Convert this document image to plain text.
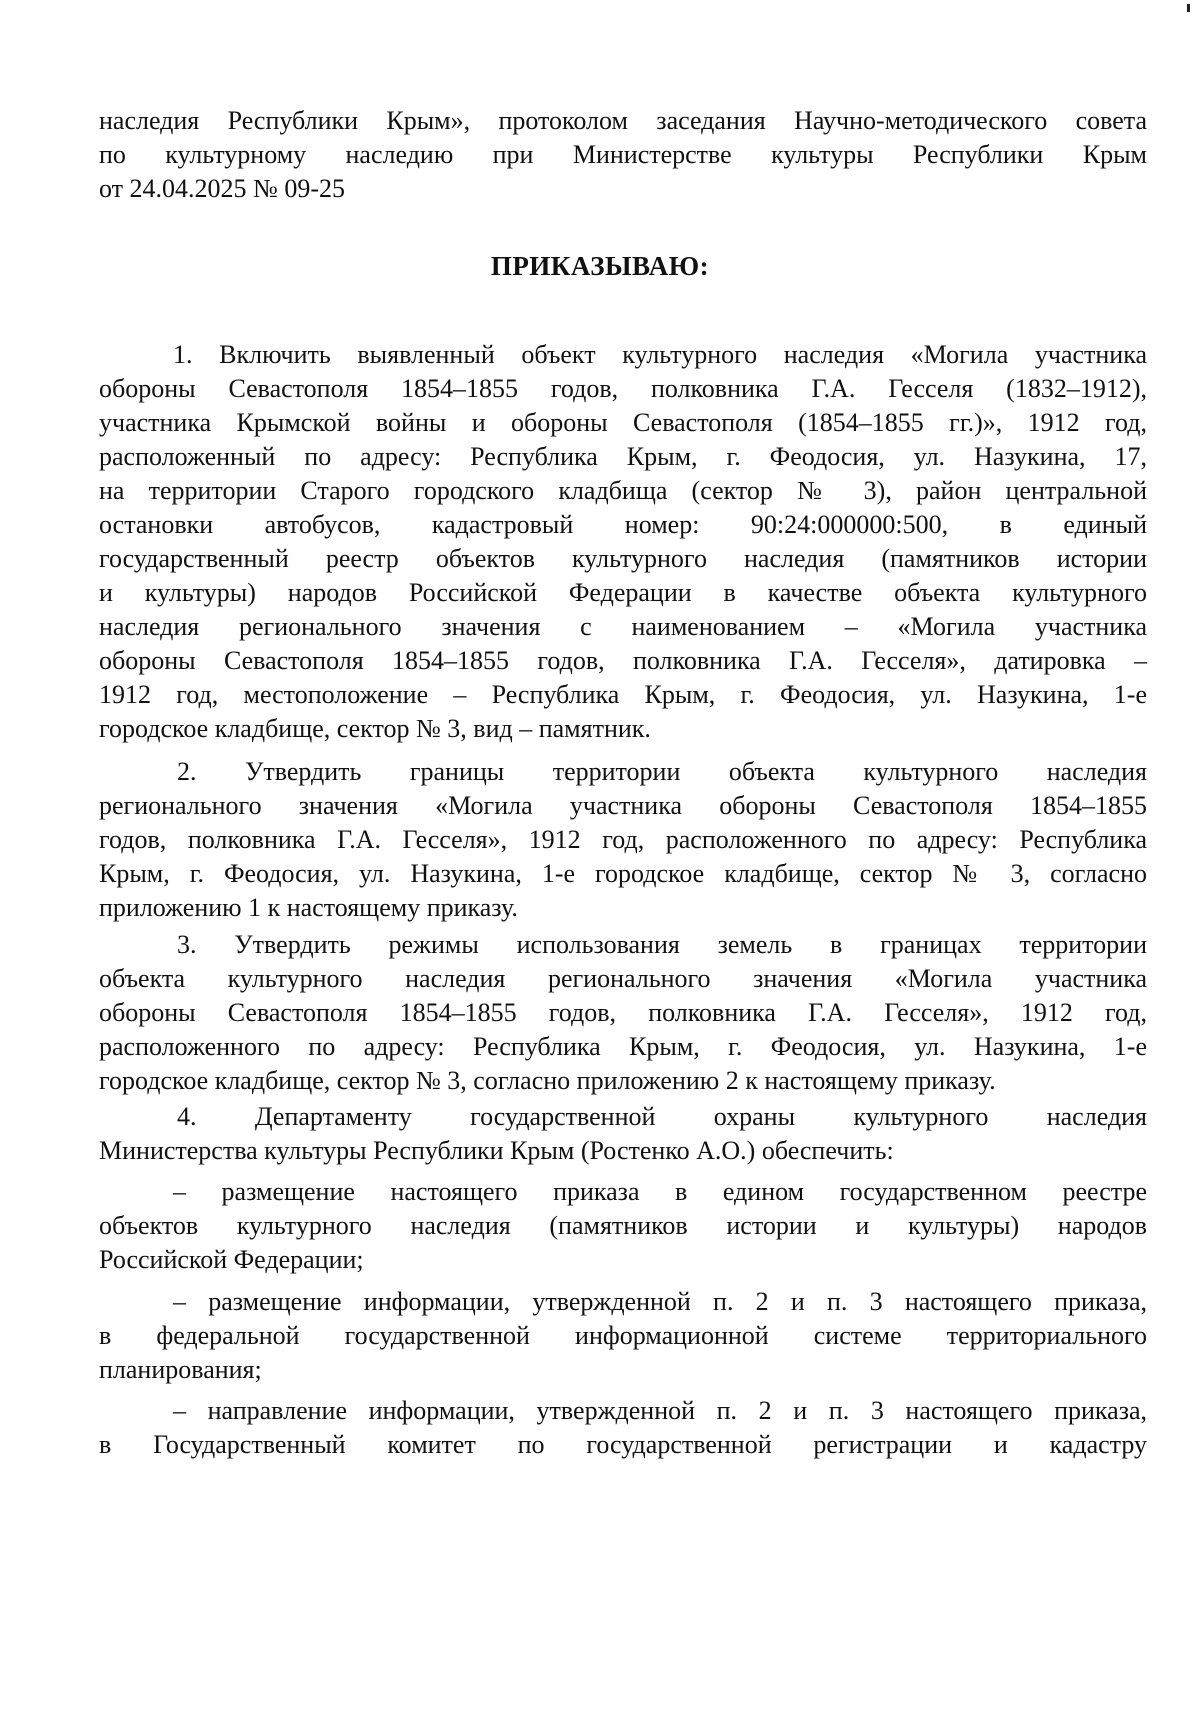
наследия Республики Крым», протоколом заседания Научно-методического совета
по культурному наследию при Министерстве культуры Республики Крым
от 24.04.2025 № 09-25
ПРИКАЗЫВАЮ:
1. Включить выявленный объект культурного наследия «Могила участника
обороны Севастополя 1854–1855 годов, полковника Г.А. Гесселя (1832–1912),
участника Крымской войны и обороны Севастополя (1854–1855 гг.)», 1912 год,
расположенный по адресу: Республика Крым, г. Феодосия, ул. Назукина, 17,
на территории Старого городского кладбища (сектор № 3), район центральной
остановки автобусов, кадастровый номер: 90:24:000000:500, в единый
государственный реестр объектов культурного наследия (памятников истории
и культуры) народов Российской Федерации в качестве объекта культурного
наследия регионального значения с наименованием – «Могила участника
обороны Севастополя 1854–1855 годов, полковника Г.А. Гесселя», датировка –
1912 год, местоположение – Республика Крым, г. Феодосия, ул. Назукина, 1-е
городское кладбище, сектор № 3, вид – памятник.
2. Утвердить границы территории объекта культурного наследия
регионального значения «Могила участника обороны Севастополя 1854–1855
годов, полковника Г.А. Гесселя», 1912 год, расположенного по адресу: Республика
Крым, г. Феодосия, ул. Назукина, 1-е городское кладбище, сектор № 3, согласно
приложению 1 к настоящему приказу.
3. Утвердить режимы использования земель в границах территории
объекта культурного наследия регионального значения «Могила участника
обороны Севастополя 1854–1855 годов, полковника Г.А. Гесселя», 1912 год,
расположенного по адресу: Республика Крым, г. Феодосия, ул. Назукина, 1-е
городское кладбище, сектор № 3, согласно приложению 2 к настоящему приказу.
4. Департаменту государственной охраны культурного наследия
Министерства культуры Республики Крым (Ростенко А.О.) обеспечить:
– размещение настоящего приказа в едином государственном реестре
объектов культурного наследия (памятников истории и культуры) народов
Российской Федерации;
– размещение информации, утвержденной п. 2 и п. 3 настоящего приказа,
в федеральной государственной информационной системе территориального
планирования;
– направление информации, утвержденной п. 2 и п. 3 настоящего приказа,
в Государственный комитет по государственной регистрации и кадастру
